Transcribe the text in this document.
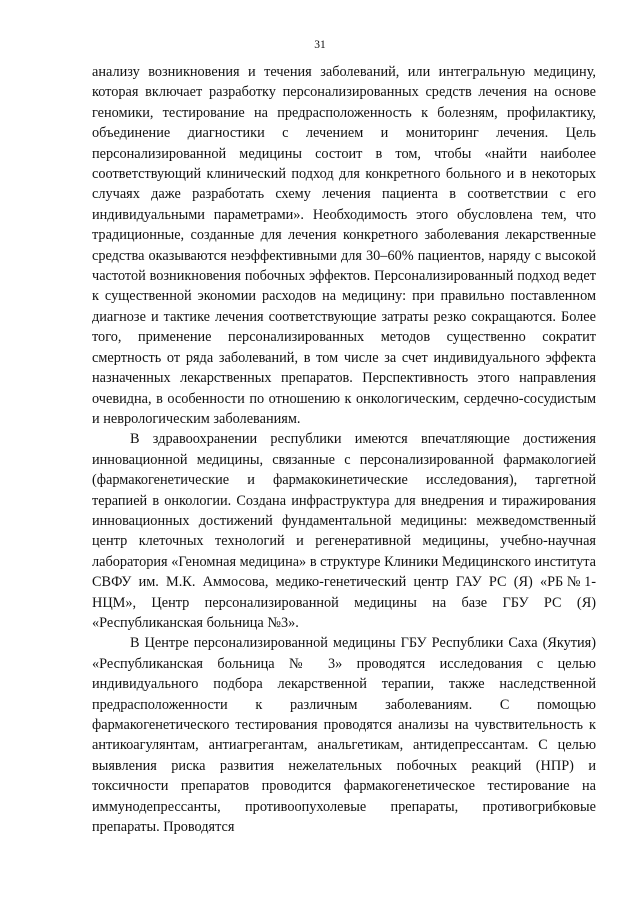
31

анализу возникновения и течения заболеваний, или интегральную медицину, которая включает разработку персонализированных средств лечения на основе геномики, тестирование на предрасположенность к болезням, профилактику, объединение диагностики с лечением и мониторинг лечения. Цель персонализированной медицины состоит в том, чтобы «найти наиболее соответствующий клинический подход для конкретного больного и в некоторых случаях даже разработать схему лечения пациента в соответствии с его индивидуальными параметрами». Необходимость этого обусловлена тем, что традиционные, созданные для лечения конкретного заболевания лекарственные средства оказываются неэффективными для 30–60% пациентов, наряду с высокой частотой возникновения побочных эффектов. Персонализированный подход ведет к существенной экономии расходов на медицину: при правильно поставленном диагнозе и тактике лечения соответствующие затраты резко сокращаются. Более того, применение персонализированных методов существенно сократит смертность от ряда заболеваний, в том числе за счет индивидуального эффекта назначенных лекарственных препаратов. Перспективность этого направления очевидна, в особенности по отношению к онкологическим, сердечно-сосудистым и неврологическим заболеваниям.

В здравоохранении республики имеются впечатляющие достижения инновационной медицины, связанные с персонализированной фармакологией (фармакогенетические и фармакокинетические исследования), таргетной терапией в онкологии. Создана инфраструктура для внедрения и тиражирования инновационных достижений фундаментальной медицины: межведомственный центр клеточных технологий и регенеративной медицины, учебно-научная лаборатория «Геномная медицина» в структуре Клиники Медицинского института СВФУ им. М.К. Аммосова, медико-генетический центр ГАУ РС (Я) «РБ№1-НЦМ», Центр персонализированной медицины на базе ГБУ РС (Я) «Республиканская больница №3».

В Центре персонализированной медицины ГБУ Республики Саха (Якутия) «Республиканская больница № 3» проводятся исследования с целью индивидуального подбора лекарственной терапии, также наследственной предрасположенности к различным заболеваниям. С помощью фармакогенетического тестирования проводятся анализы на чувствительность к антикоагулянтам, антиагрегантам, анальгетикам, антидепрессантам. С целью выявления риска развития нежелательных побочных реакций (НПР) и токсичности препаратов проводится фармакогенетическое тестирование на иммунодепрессанты, противоопухолевые препараты, противогрибковые препараты. Проводятся
